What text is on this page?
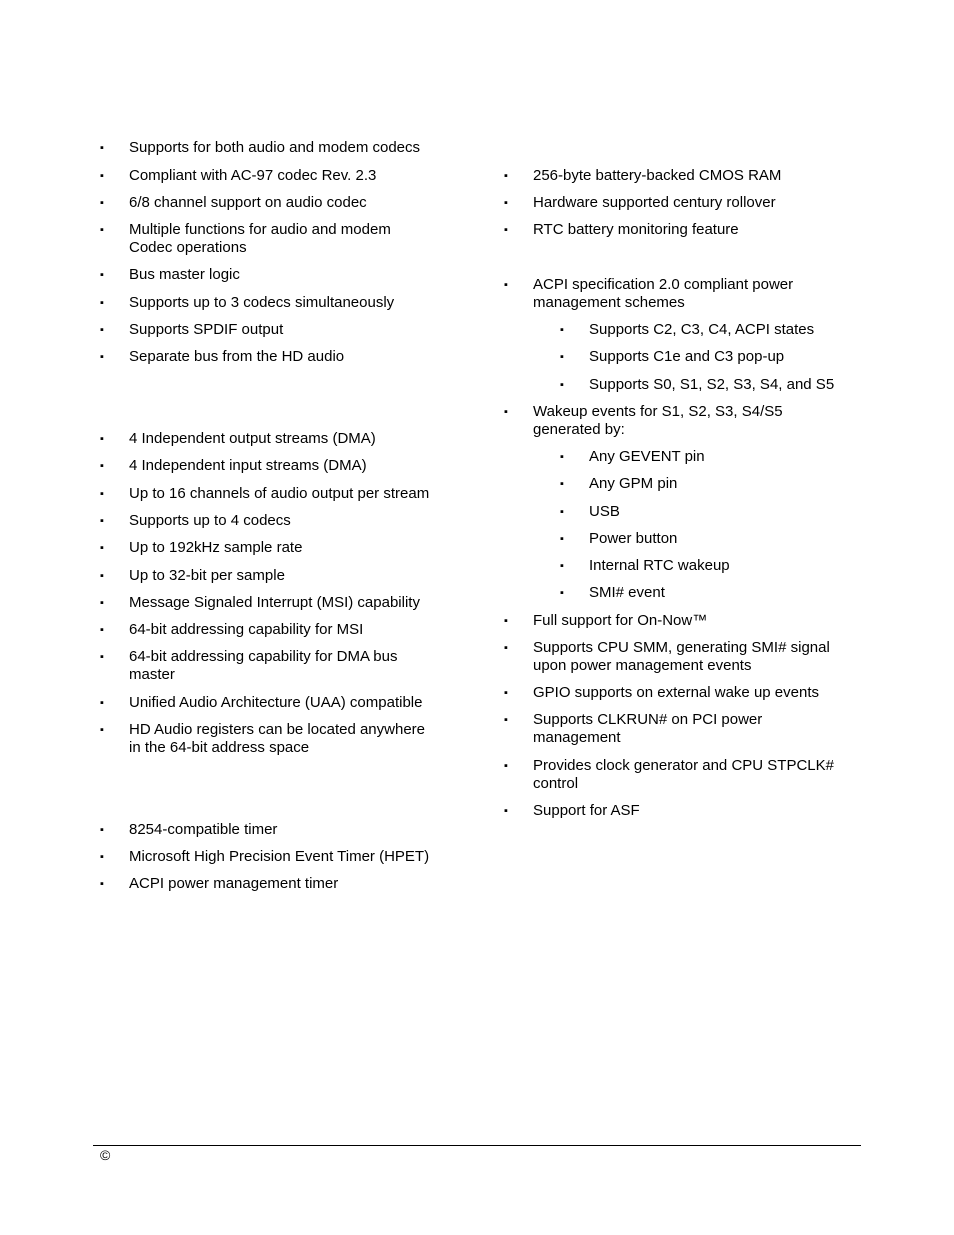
▪ Supports for both audio and modem codecs
▪ Compliant with AC-97 codec Rev. 2.3
▪ 6/8 channel support on audio codec
▪ Multiple functions for audio and modem
Codec operations
▪ Bus master logic
▪ Supports up to 3 codecs simultaneously
▪ Supports SPDIF output
▪ Separate bus from the HD audio
▪ 4 Independent output streams (DMA)
▪ 4 Independent input streams (DMA)
▪ Up to 16 channels of audio output per stream
▪ Supports up to 4 codecs
▪ Up to 192kHz sample rate
▪ Up to 32-bit per sample
▪ Message Signaled Interrupt (MSI) capability
▪ 64-bit addressing capability for MSI
▪ 64-bit addressing capability for DMA bus
master
▪ Unified Audio Architecture (UAA) compatible
▪ HD Audio registers can be located anywhere
in the 64-bit address space
▪ 8254-compatible timer
▪ Microsoft High Precision Event Timer (HPET)
▪ ACPI power management timer
▪ 256-byte battery-backed CMOS RAM
▪ Hardware supported century rollover
▪ RTC battery monitoring feature
▪ ACPI specification 2.0 compliant power
management schemes
▪ Supports C2, C3, C4, ACPI states
▪ Supports C1e and C3 pop-up
▪ Supports S0, S1, S2, S3, S4, and S5
▪ Wakeup events for S1, S2, S3, S4/S5
generated by:
▪ Any GEVENT pin
▪ Any GPM pin
▪ USB
▪ Power button
▪ Internal RTC wakeup
▪ SMI# event
▪ Full support for On-Now™
▪ Supports CPU SMM, generating SMI# signal
upon power management events
▪ GPIO supports on external wake up events
▪ Supports CLKRUN# on PCI power
management
▪ Provides clock generator and CPU STPCLK#
control
▪ Support for ASF
©
